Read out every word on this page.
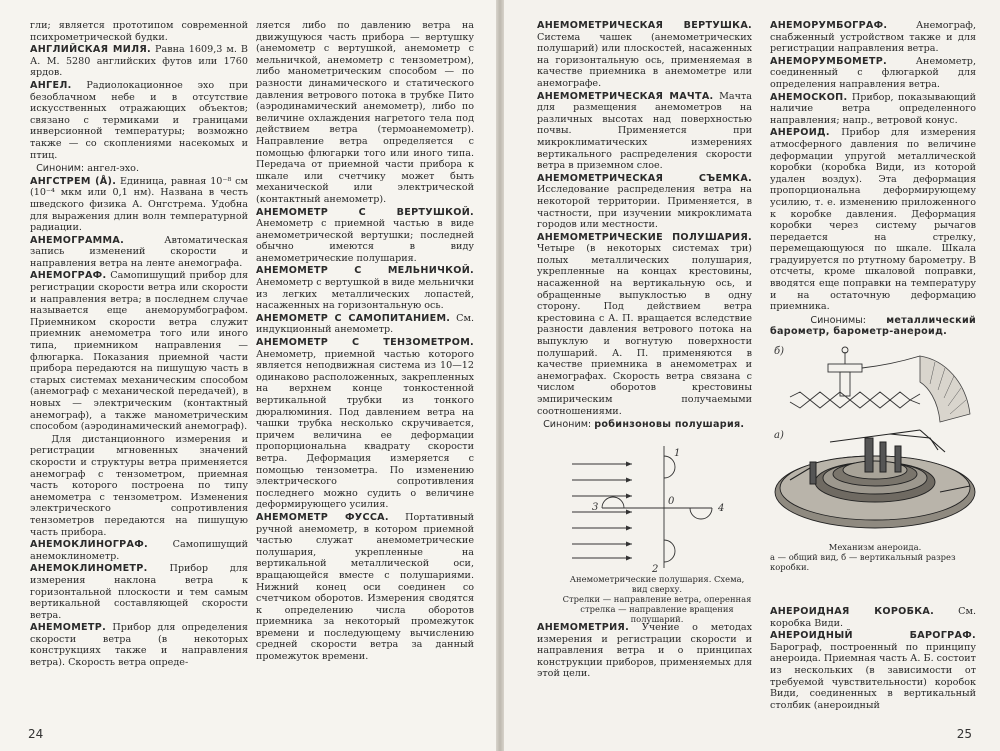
гли; является прототипом современной психрометрической будки.

АНГЛИЙСКАЯ МИЛЯ. Равна 1609,3 м. В А. М. 5280 английских футов или 1760 ярдов.

АНГЕЛ. Радиолокационное эхо при безоблачном небе и в отсутствие искусственных отражающих объектов; связано с термиками и границами инверсионной температуры; возможно также — со скоплениями насекомых и птиц.

Синоним: ангел-эхо.

АНГСТРЕМ (Å). Единица, равная 10⁻⁸ см (10⁻⁴ мкм или 0,1 нм). Названа в честь шведского физика А. Онгстрема. Удобна для выражения длин волн температурной радиации.

АНЕМОГРАММА.	Автоматическая запись изменений скорости и направления ветра на ленте анемографа.

АНЕМОГРАФ. Самопишущий прибор для регистрации скорости ветра или скорости и направления ветра; в последнем случае называется еще анеморумбографом. Приемником скорости ветра служит приемник анемометра того или иного типа, приемником направления — флюгарка. Показания приемной части прибора передаются на пишущую часть в старых системах механическим способом (анемограф с механической передачей), в новых — электрическим (контактный анемограф), а также манометрическим способом (аэродинамический анемограф).

Для дистанционного измерения и регистрации мгновенных значений скорости и структуры ветра применяется анемограф с тензометром, приемная часть которого построена по типу анемометра с тензометром. Изменения электрического сопротивления тензометров передаются на пишущую часть прибора.

АНЕМОКЛИНОГРАФ.	Самопишущий анемоклинометр.

АНЕМОКЛИНОМЕТР. Прибор для измерения наклона ветра к горизонтальной плоскости и тем самым вертикальной составляющей скорости ветра.

АНЕМОМЕТР. Прибор для определения скорости ветра (в некоторых конструкциях также и направления ветра). Скорость ветра опреде-

ляется либо по давлению ветра на движущуюся часть прибора — вертушку (анемометр с вертушкой, анемометр с мельничкой, анемометр с тензометром), либо манометрическим способом — по разности динамического и статического давления ветрового потока в трубке Пито (аэродинамический анемометр), либо по величине охлаждения нагретого тела под действием ветра (термоанемометр). Направление ветра определяется с помощью флюгарки того или иного типа. Передача от приемной части прибора к шкале или счетчику может быть механической или электрической (контактный анемометр).

АНЕМОМЕТР С ВЕРТУШКОЙ. Анемометр с приемной частью в виде анемометрической вертушки; последней обычно имеются в виду анемометрические полушария.

АНЕМОМЕТР С МЕЛЬНИЧКОЙ. Анемометр с вертушкой в виде мельнички из легких металлических лопастей, насаженных на горизонтальную ось.

АНЕМОМЕТР С САМОПИТАНИЕМ. См. индукционный анемометр.

АНЕМОМЕТР С ТЕНЗОМЕТРОМ. Анемометр, приемной частью которого является неподвижная система из 10—12 одинаково расположенных, закрепленных на верхнем конце тонкостенной вертикальной трубки из тонкого дюралюминия. Под давлением ветра на чашки трубка несколько скручивается, причем величина ее деформации пропорциональна квадрату скорости ветра. Деформация измеряется с помощью тензометра. По изменению электрического сопротивления последнего можно судить о величине деформирующего усилия.

АНЕМОМЕТР ФУССА. Портативный ручной анемометр, в котором приемной частью служат анемометрические полушария, укрепленные на вертикальной металлической оси, вращающейся вместе с полушариями. Нижний конец оси соединен со счетчиком оборотов. Измерения сводятся к определению числа оборотов приемника за некоторый промежуток времени и последующему вычислению средней скорости ветра за данный промежуток времени.

24

АНЕМОМЕТРИЧЕСКАЯ ВЕРТУШКА. Система чашек (анемометрических полушарий) или плоскостей, насаженных на горизонтальную ось, применяемая в качестве приемника в анемометре или анемографе.

АНЕМОМЕТРИЧЕСКАЯ МАЧТА. Мачта для размещения анемометров на различных высотах над поверхностью почвы. Применяется при микроклиматических измерениях вертикального распределения скорости ветра в приземном слое.

АНЕМОМЕТРИЧЕСКАЯ СЪЕМКА. Исследование распределения ветра на некоторой территории. Применяется, в частности, при изучении микроклимата городов или местности.

АНЕМОМЕТРИЧЕСКИЕ ПОЛУШАРИЯ. Четыре (в некоторых системах три) полых металлических полушария, укрепленные на концах крестовины, насаженной на вертикальную ось, и обращенные выпуклостью в одну сторону. Под действием ветра крестовина с А. П. вращается вследствие разности давления ветрового потока на выпуклую и вогнутую поверхности полушарий. А. П. применяются в качестве приемника в анемометрах и анемографах. Скорость ветра связана с числом оборотов крестовины эмпирическим получаемыми соотношениями.

Синоним: робинзоновы полушария.

1
2
3	4
0

Анемометрические полушария. Схема, вид сверху.

Стрелки — направление ветра, оперенная стрелка — направление вращения полушарий.

АНЕМОМЕТРИЯ. Учение о методах измерения и регистрации скорости и направления ветра и о принципах конструкции приборов, применяемых для этой цели.

АНЕМОРУМБОГРАФ.	Анемограф, снабженный устройством также и для регистрации направления ветра.

АНЕМОРУМБОМЕТР.	Анемометр, соединенный с флюгаркой для определения направления ветра.

АНЕМОСКОП. Прибор, показывающий наличие ветра определенного направления; напр., ветровой конус.

АНЕРОИД. Прибор для измерения атмосферного давления по величине деформации упругой металлической коробки (коробка Види, из которой удален воздух). Эта деформация пропорциональна деформирующему усилию, т. е. изменению приложенного к коробке давления. Деформация коробки через систему рычагов передается на стрелку, перемещающуюся по шкале. Шкала градуируется по ртутному барометру. В отсчеты, кроме шкаловой поправки, вводятся еще поправки на температуру и на остаточную деформацию приемника.

Синонимы: металлический барометр, барометр-анероид.

б)
а)

Механизм анероида.

а — общий вид, б — вертикальный разрез коробки.

АНЕРОИДНАЯ КОРОБКА.	См. коробка Види.

АНЕРОИДНЫЙ БАРОГРАФ. Барограф, построенный по принципу анероида. Приемная часть А. Б. состоит из нескольких (в зависимости от требуемой чувствительности) коробок Види, соединенных в вертикальный столбик (анероидный

25
